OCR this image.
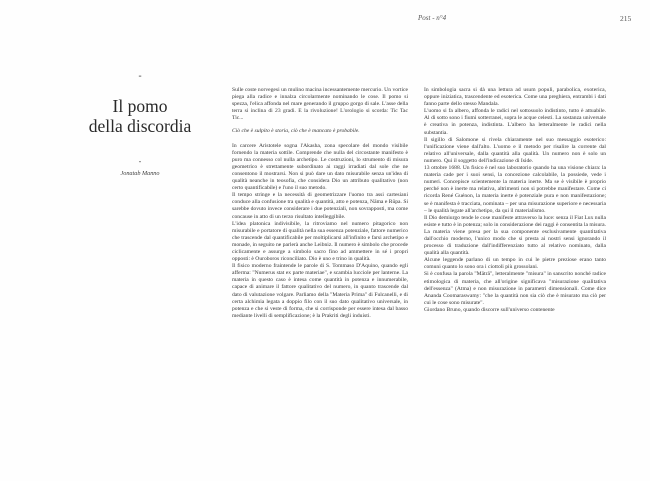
Post - n°4	215
-
Il pomo
della discordia
-
Jonatab Manno

Sulle coste norvegesi un mulino macina incessantemente mercurio. Un vortice piega alla radice e innalza circolarmente nominando le cose. Il pomo si spezza, l'elica affonda nel mare generando il gruppo gorgo di sale. L'asse della terra si inclina di 23 gradi. E la rivoluzione! L'orologio si scorda: Tic Tac Tic...

Ciò che è sulpito è storia, ciò che è mancato è probabile.

In carcere Aristotele sogna l'Akasha, zona specolare del mondo visibile fornendo la materia sottile. Comprende che nulla del circostante manifesto è puro ma connesso col nulla archetipo. Le costruzioni, lo strumento di misura geometrico è strettamente subordinato ai raggi irradiati dal sole che ne consentono il mostrarsi. Non si può dare un dato misurabile senza un'idea di qualità neanche in teosofia, che considera Dio un attributo qualitativo (non certo quantificabile) e l'uno il suo metodo.

Il tempo stringe e la necessità di geometrizzare l'uomo tra assi cartesiani conduce alla confusione tra qualità e quantità, atto e potenza, Nāma e Rūpa. Si sarebbe dovuto invece considerare i due potenziali, non sovrapposti, ma come concause in atto di un terzo risultato intelleggibile.

L'idea platonica indivisibile, la ritroviamo nel numero pitagorico non misurabile e portatore di qualità nella sua essenza potenziale, fattore numerico che trascende dal quantificabile per moltiplicarsi all'infinito e farsi archetipo e monade, in seguito ne parlerà anche Leibniz. Il numero è simbolo che procede ciclicamente e assurge a simbolo sacro fino ad ammettere in sé i propri opposti: è Ouroboros riconciliato. Dio è uno e trino in qualità.

Il fisico moderno fraintende le parole di S. Tommaso D'Aquino, quando egli afferma: "Numerus stat ex parte materiae", e scambia lucciole per lanterne. La materia in questo caso è intesa come quantità in potenza e innumerabile, capace di animare il fattore qualitativo del numero, in quanto trascende dal dato di valutazione volgare. Parliamo della "Materia Prima" di Fulcanelli, e di certa alchimia legata a doppio filo con il suo dato qualitativo universale, in potenza e che si veste di forma, che si corrisponde per essere intesa dal basso mediante livelli di semplificazione; è la Prakriti degli induisti.

In simbologia sacra si dà una lettura ad usum populi, parabolica, exoterica, oppure iniziatica, trascendente ed esoterica. Come una preghiera, entrambi i dati fanno parte dello stesso Mandala.

L'uomo si fa albero, affonda le radici nel sottosuolo indistinto, tutto è attuabile. Al di sotto sono i fiumi sotterranei, sopra le acque celesti. La sostanza universale è creativa in potenza, indistinta. L'albero ha letteralmente le radici nella substantia.

Il sigillo di Salomone si rivela chiaramente nel suo messaggio esoterico: l'unificazione viene dall'alto. L'uomo e il metodo per risalire la corrente dal relativo all'universale, dalla quantità alla qualità. Un numero non è solo un numero. Qui il soggetto dell'indicazione di Iside.

13 ottobre 1688. Un fisico è nel suo laboratorio quando ha una visione chiara: la materia cade per i suoi sensi, la concezione calcolabile, la possiede, vede i numeri. Concepisce scientemente la materia inerte. Ma se è visibile è proprio perché non è inerte ma relativa, altrimenti non si potrebbe manifestare. Come ci ricorda René Guénon, la materia inerte è potenziale pura e non manifestazione; se è manifesta è tracciata, nominata – per una misurazione superiore e necessaria – le qualità legate all'archetipo, da qui il materialismo.

Il Dio demiurgo tende le cose manifeste attraverso la luce: senza il Fiat Lux nulla esiste e tutto è in potenza; solo in considerazione dei raggi è consentita la misura. La materia viene presa per la sua componente esclusivamente quantitativa dall'occhio moderno, l'unico modo che si presta ai nostri sensi ignorando il processo di traduzione dall'indifferenziato tutto al relativo nominato, dalla qualità alla quantità.

Alcune leggende parlano di un tempo in cui le pietre preziose erano tanto comuni quanto lo sono ora i ciottoli più grossolani.

Si è confusa la parola "Mātrā", letteralmente "misura" in sanscrito nonché radice etimologica di materia, che all'origine significava "misurazione qualitativa dell'essenza" (Atma) e non misurazione in parametri dimensionali. Come dice Ananda Coomaraswamy: "che la quantità non sia ciò che è misurato ma ciò per cui le cose sono misurate".

Giordano Bruno, quando discorre sull'universo contenente
